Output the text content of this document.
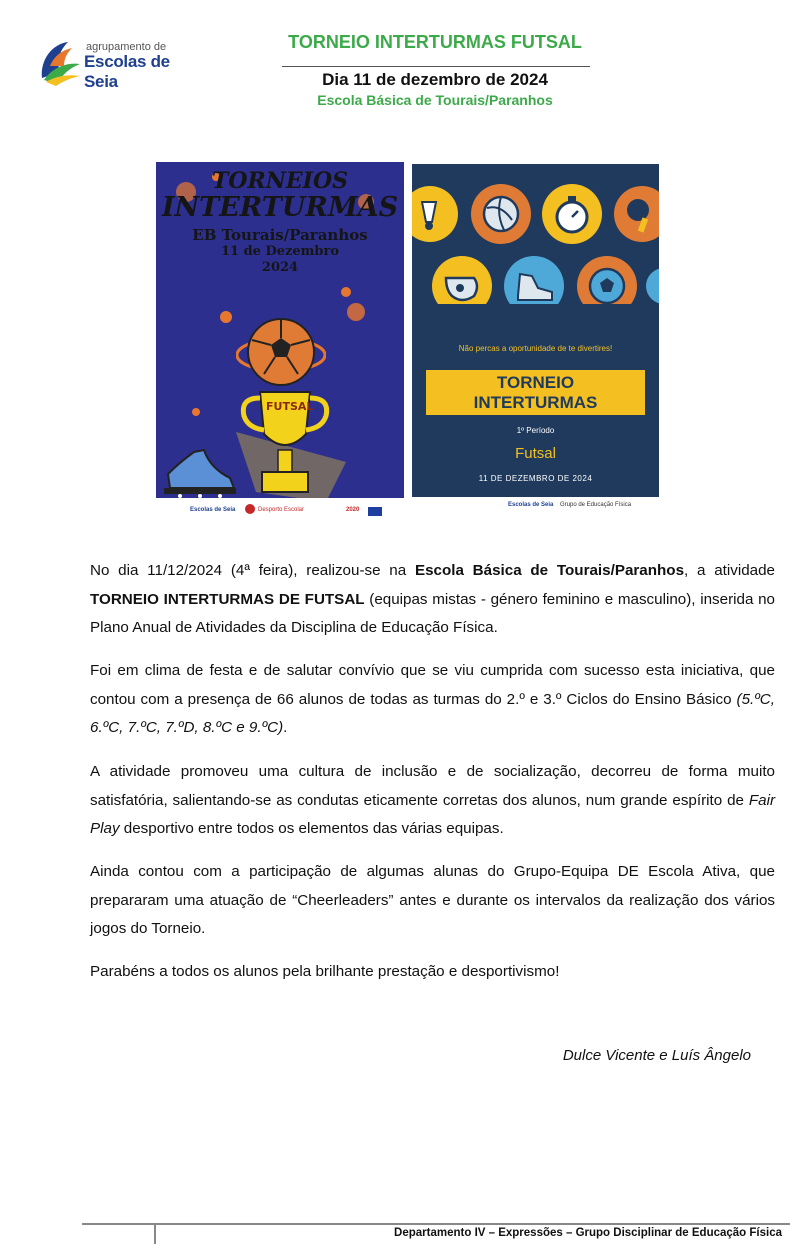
agrupamento de
Escolas de Seia
TORNEIO INTERTURMAS FUTSAL
Dia 11 de dezembro de 2024
Escola Básica de Tourais/Paranhos
TORNEIOS
INTERTURMAS
EB Tourais/Paranhos
11 de Dezembro
2024
FUTSAL
Escolas de Seia	Desporto Escolar	2020
Não percas a oportunidade de te divertires!
TORNEIO
INTERTURMAS
1º Período
Futsal
11 DE DEZEMBRO DE 2024
Escolas de Seia Grupo de Educação Física

No dia 11/12/2024 (4ª feira), realizou-se na Escola Básica de Tourais/Paranhos, a atividade TORNEIO INTERTURMAS DE FUTSAL (equipas mistas - género feminino e masculino), inserida no Plano Anual de Atividades da Disciplina de Educação Física.

Foi em clima de festa e de salutar convívio que se viu cumprida com sucesso esta iniciativa, que contou com a presença de 66 alunos de todas as turmas do 2.º e 3.º Ciclos do Ensino Básico (5.ºC, 6.ºC, 7.ºC, 7.ºD, 8.ºC e 9.ºC).

A atividade promoveu uma cultura de inclusão e de socialização, decorreu de forma muito satisfatória, salientando-se as condutas eticamente corretas dos alunos, num grande espírito de Fair Play desportivo entre todos os elementos das várias equipas.

Ainda contou com a participação de algumas alunas do Grupo-Equipa DE Escola Ativa, que prepararam uma atuação de “Cheerleaders” antes e durante os intervalos da realização dos vários jogos do Torneio.

Parabéns a todos os alunos pela brilhante prestação e desportivismo!

Dulce Vicente e Luís Ângelo
Departamento IV – Expressões – Grupo Disciplinar de Educação Física
